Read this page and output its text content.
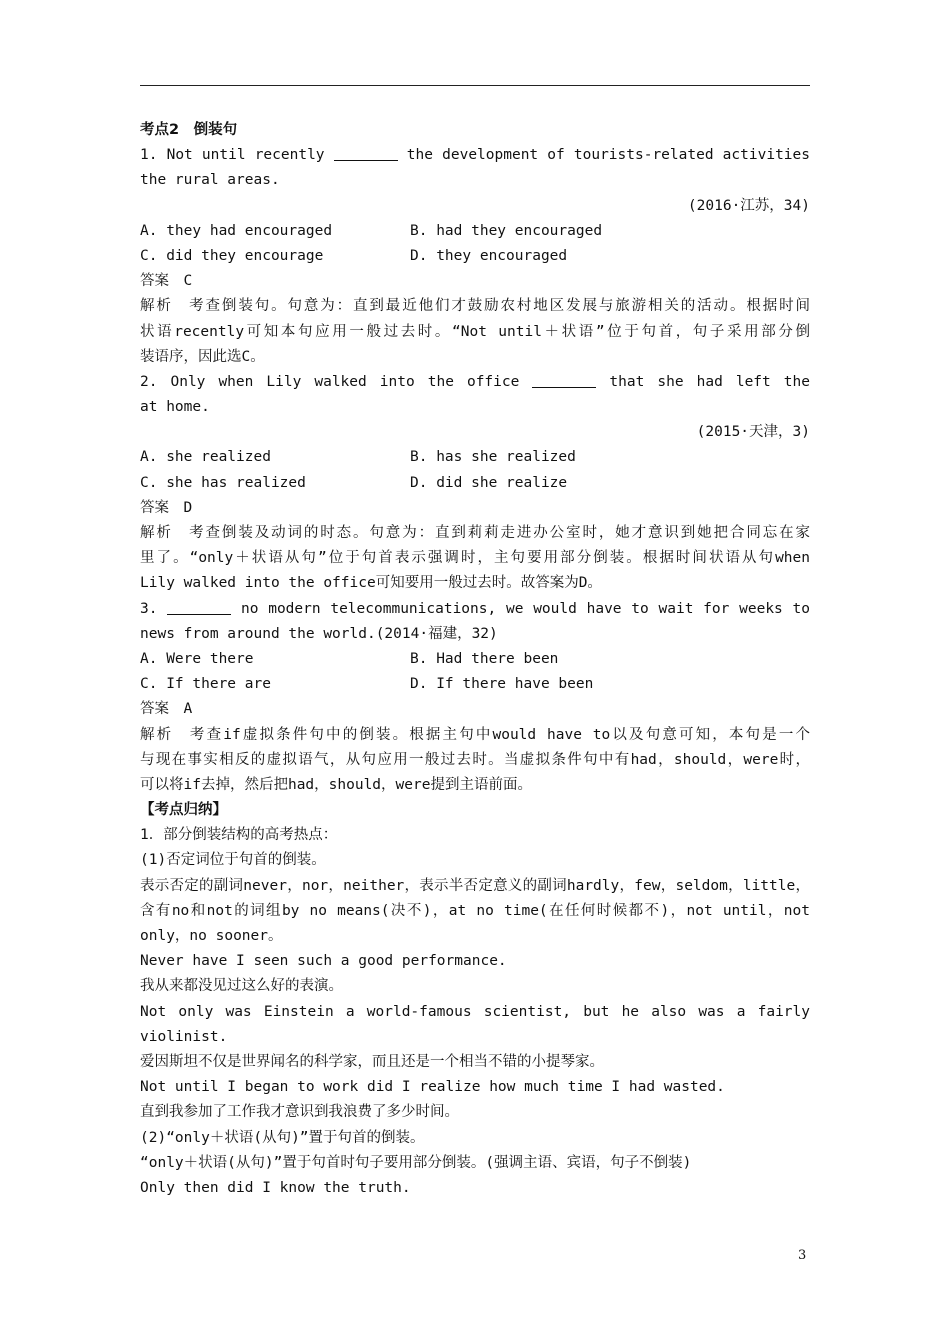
考点2　倒装句
1. Not until recently	the development of tourists-related activities
the rural areas.
(2016·江苏，34)
A. they had encouraged	B. had they encouraged
C. did they encourage	D. they encouraged
答案　C
解析　考查倒装句。句意为：直到最近他们才鼓励农村地区发展与旅游相关的活动。根据时间
状语recently可知本句应用一般过去时。“Not until＋状语”位于句首，句子采用部分倒
装语序，因此选C。
2. Only when Lily walked into the office	that she had left the
at home.
(2015·天津，3)
A. she realized	B. has she realized
C. she has realized	D. did she realize
答案　D
解析　考查倒装及动词的时态。句意为：直到莉莉走进办公室时，她才意识到她把合同忘在家
里了。“only＋状语从句”位于句首表示强调时，主句要用部分倒装。根据时间状语从句when
Lily walked into the office可知要用一般过去时。故答案为D。
3.	no modern telecommunications, we would have to wait for weeks to
news from around the world.(2014·福建，32)
A. Were there	B. Had there been
C. If there are	D. If there have been
答案　A
解析　考查if虚拟条件句中的倒装。根据主句中would have to以及句意可知，本句是一个
与现在事实相反的虚拟语气，从句应用一般过去时。当虚拟条件句中有had，should，were时，
可以将if去掉，然后把had，should，were提到主语前面。
【考点归纳】
1．部分倒装结构的高考热点：
(1)否定词位于句首的倒装。
表示否定的副词never，nor，neither，表示半否定意义的副词hardly，few，seldom，little，
含有no和not的词组by no means(决不)，at no time(在任何时候都不)，not until，not
only，no sooner。
Never have I seen such a good performance.
我从来都没见过这么好的表演。
Not only was Einstein a world-famous scientist, but he also was a fairly
violinist.
爱因斯坦不仅是世界闻名的科学家，而且还是一个相当不错的小提琴家。
Not until I began to work did I realize how much time I had wasted.
直到我参加了工作我才意识到我浪费了多少时间。
(2)“only＋状语(从句)”置于句首的倒装。
“only＋状语(从句)”置于句首时句子要用部分倒装。(强调主语、宾语，句子不倒装)
Only then did I know the truth.
3
